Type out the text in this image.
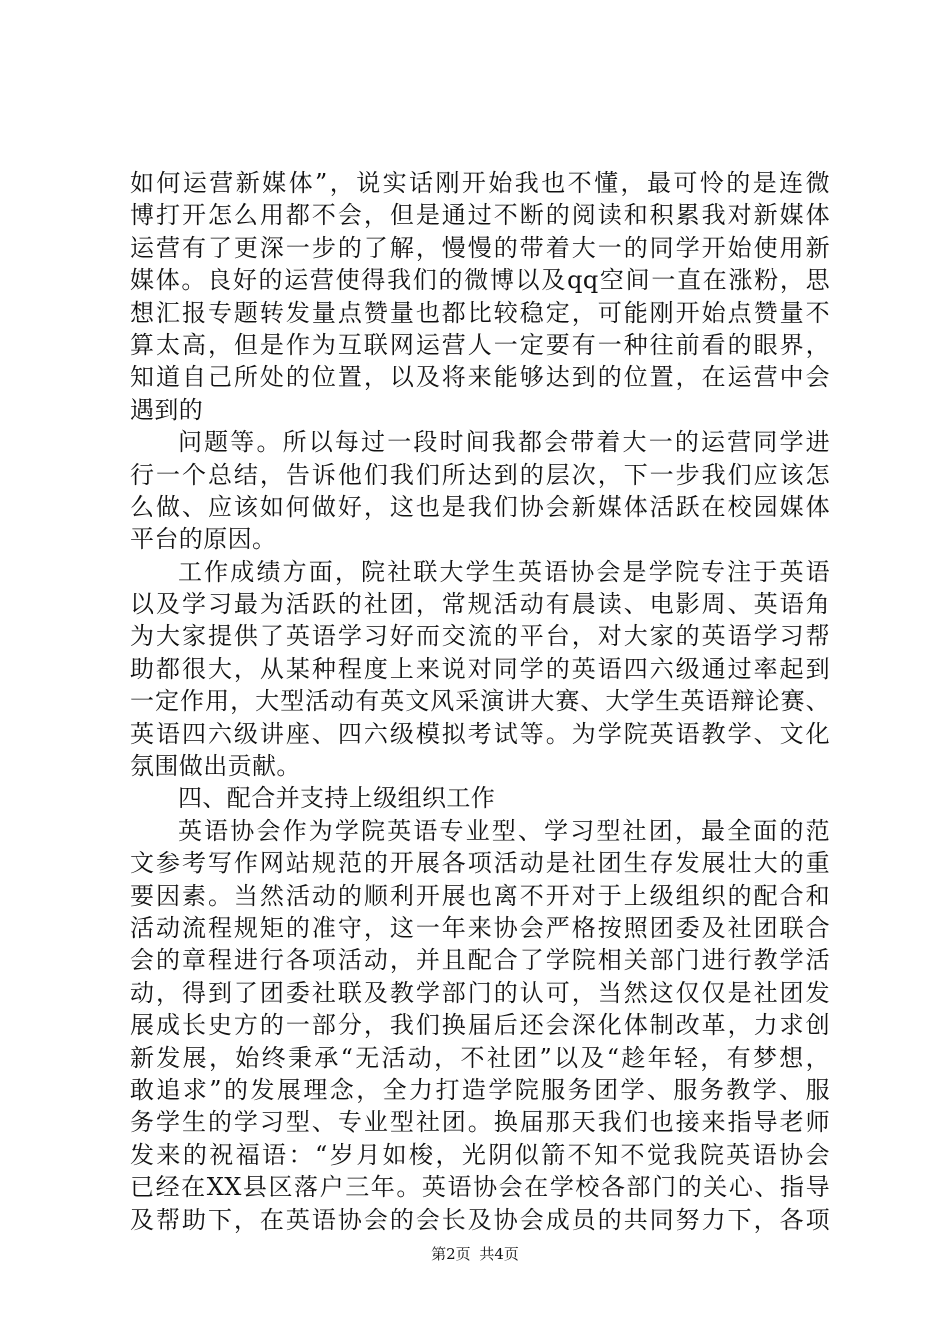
如何运营新媒体”，说实话刚开始我也不懂，最可怜的是连微
博打开怎么用都不会，但是通过不断的阅读和积累我对新媒体
运营有了更深一步的了解，慢慢的带着大一的同学开始使用新
媒体。良好的运营使得我们的微博以及qq空间一直在涨粉，思
想汇报专题转发量点赞量也都比较稳定，可能刚开始点赞量不
算太高，但是作为互联网运营人一定要有一种往前看的眼界，
知道自己所处的位置，以及将来能够达到的位置，在运营中会
遇到的
问题等。所以每过一段时间我都会带着大一的运营同学进
行一个总结，告诉他们我们所达到的层次，下一步我们应该怎
么做、应该如何做好，这也是我们协会新媒体活跃在校园媒体
平台的原因。
工作成绩方面，院社联大学生英语协会是学院专注于英语
以及学习最为活跃的社团，常规活动有晨读、电影周、英语角
为大家提供了英语学习好而交流的平台，对大家的英语学习帮
助都很大，从某种程度上来说对同学的英语四六级通过率起到
一定作用，大型活动有英文风采演讲大赛、大学生英语辩论赛、
英语四六级讲座、四六级模拟考试等。为学院英语教学、文化
氛围做出贡献。
四、配合并支持上级组织工作
英语协会作为学院英语专业型、学习型社团，最全面的范
文参考写作网站规范的开展各项活动是社团生存发展壮大的重
要因素。当然活动的顺利开展也离不开对于上级组织的配合和
活动流程规矩的准守，这一年来协会严格按照团委及社团联合
会的章程进行各项活动，并且配合了学院相关部门进行教学活
动，得到了团委社联及教学部门的认可，当然这仅仅是社团发
展成长史方的一部分，我们换届后还会深化体制改革，力求创
新发展，始终秉承“无活动，不社团”以及“趁年轻，有梦想，
敢追求”的发展理念，全力打造学院服务团学、服务教学、服
务学生的学习型、专业型社团。换届那天我们也接来指导老师
发来的祝福语：“岁月如梭，光阴似箭不知不觉我院英语协会
已经在XX县区落户三年。英语协会在学校各部门的关心、指导
及帮助下，在英语协会的会长及协会成员的共同努力下，各项
第2页 共4页
